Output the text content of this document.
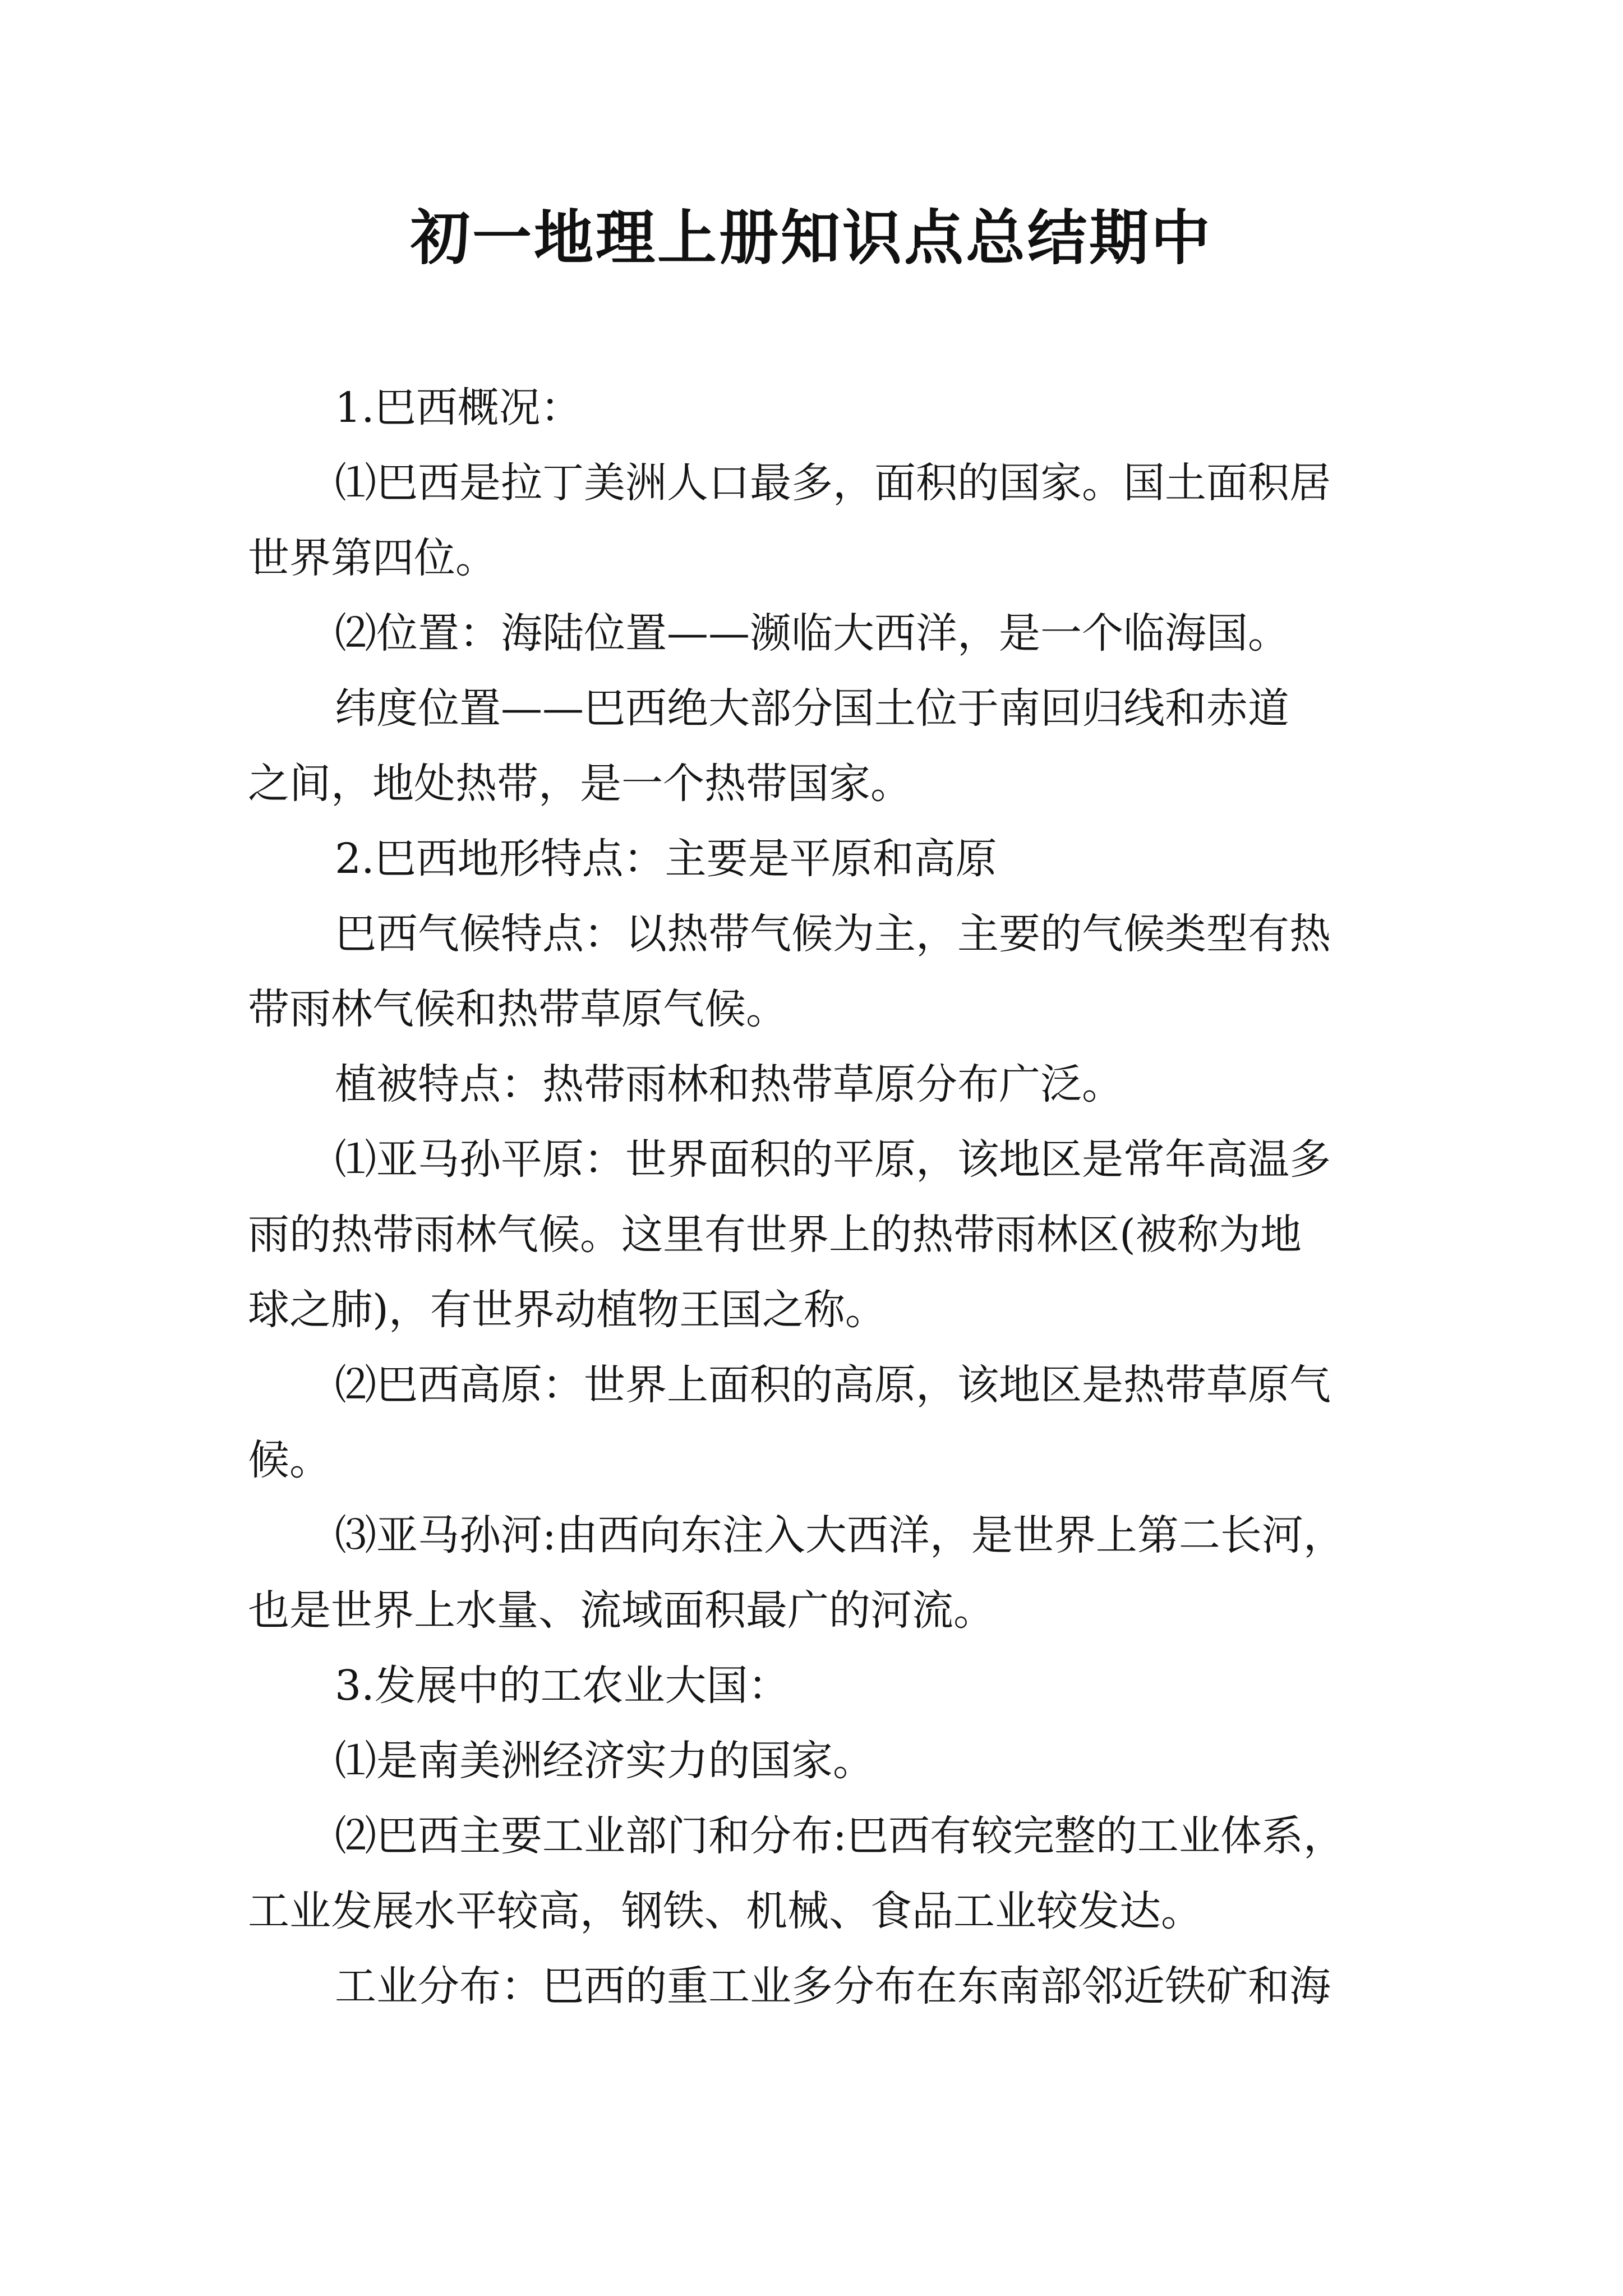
初一地理上册知识点总结期中
1.巴西概况：
⑴巴西是拉丁美洲人口最多，面积的国家。国土面积居
世界第四位。
⑵位置：海陆位置——濒临大西洋，是一个临海国。
纬度位置——巴西绝大部分国土位于南回归线和赤道
之间，地处热带，是一个热带国家。
2.巴西地形特点：主要是平原和高原
巴西气候特点：以热带气候为主，主要的气候类型有热
带雨林气候和热带草原气候。
植被特点：热带雨林和热带草原分布广泛。
⑴亚马孙平原：世界面积的平原，该地区是常年高温多
雨的热带雨林气候。这里有世界上的热带雨林区(被称为地
球之肺)，有世界动植物王国之称。
⑵巴西高原：世界上面积的高原，该地区是热带草原气
候。
⑶亚马孙河:由西向东注入大西洋，是世界上第二长河，
也是世界上水量、流域面积最广的河流。
3.发展中的工农业大国：
⑴是南美洲经济实力的国家。
⑵巴西主要工业部门和分布:巴西有较完整的工业体系，
工业发展水平较高，钢铁、机械、食品工业较发达。
工业分布：巴西的重工业多分布在东南部邻近铁矿和海
